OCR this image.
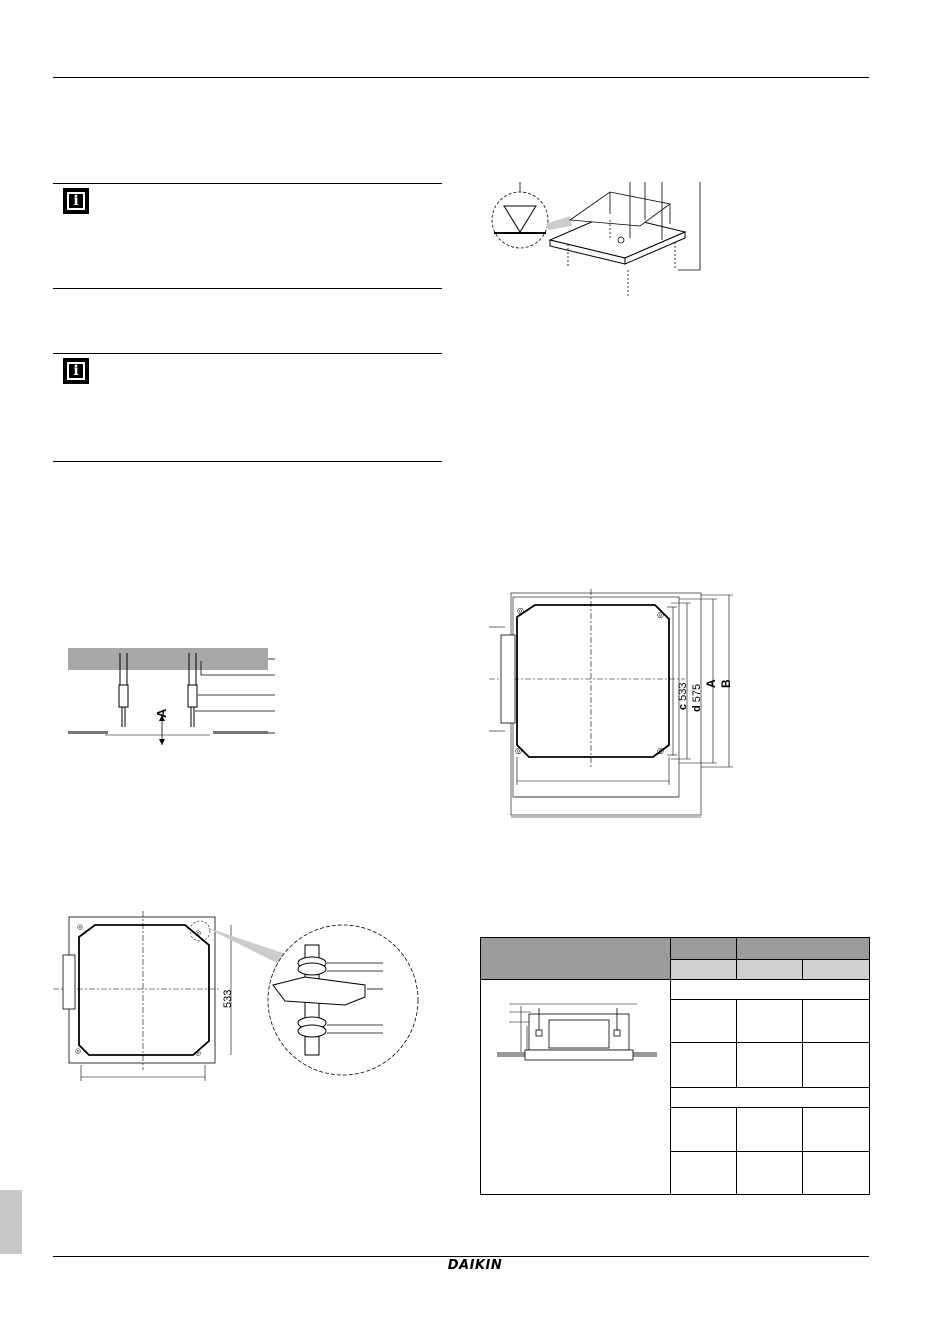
i
i
A
◎
◎
◎	◎
533
◎	◎
◎	◎
c 533
d 575
A B

DAIKIN
